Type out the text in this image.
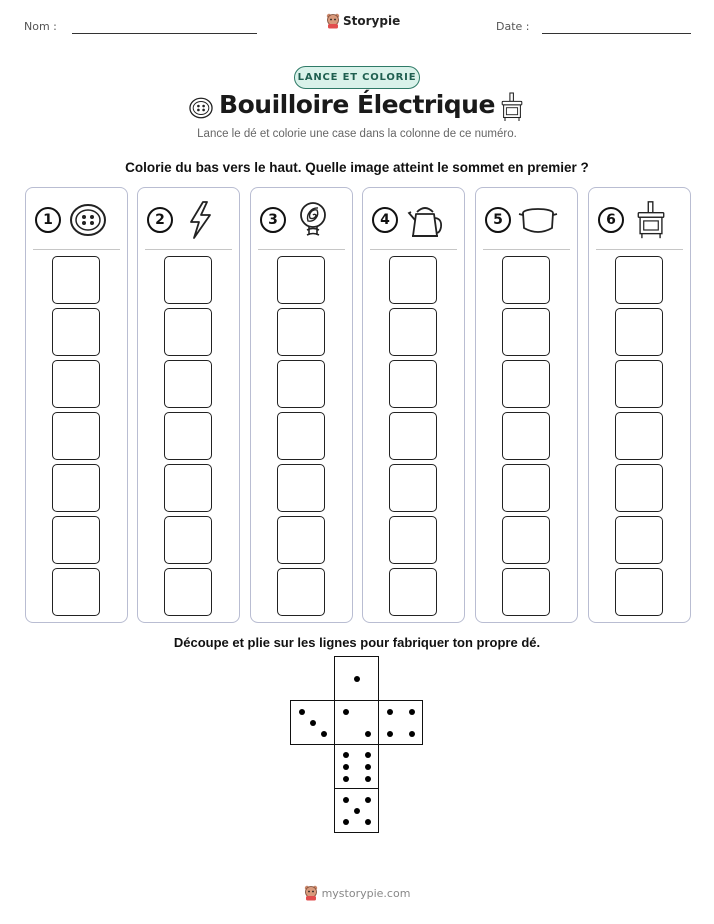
Nom :	Storypie	Date :
LANCE ET COLORIE
Bouilloire Électrique
Lance le dé et colorie une case dans la colonne de ce numéro.
Colorie du bas vers le haut. Quelle image atteint le sommet en premier ?
1	2	3	4	5	6
Découpe et plie sur les lignes pour fabriquer ton propre dé.
mystorypie.com
